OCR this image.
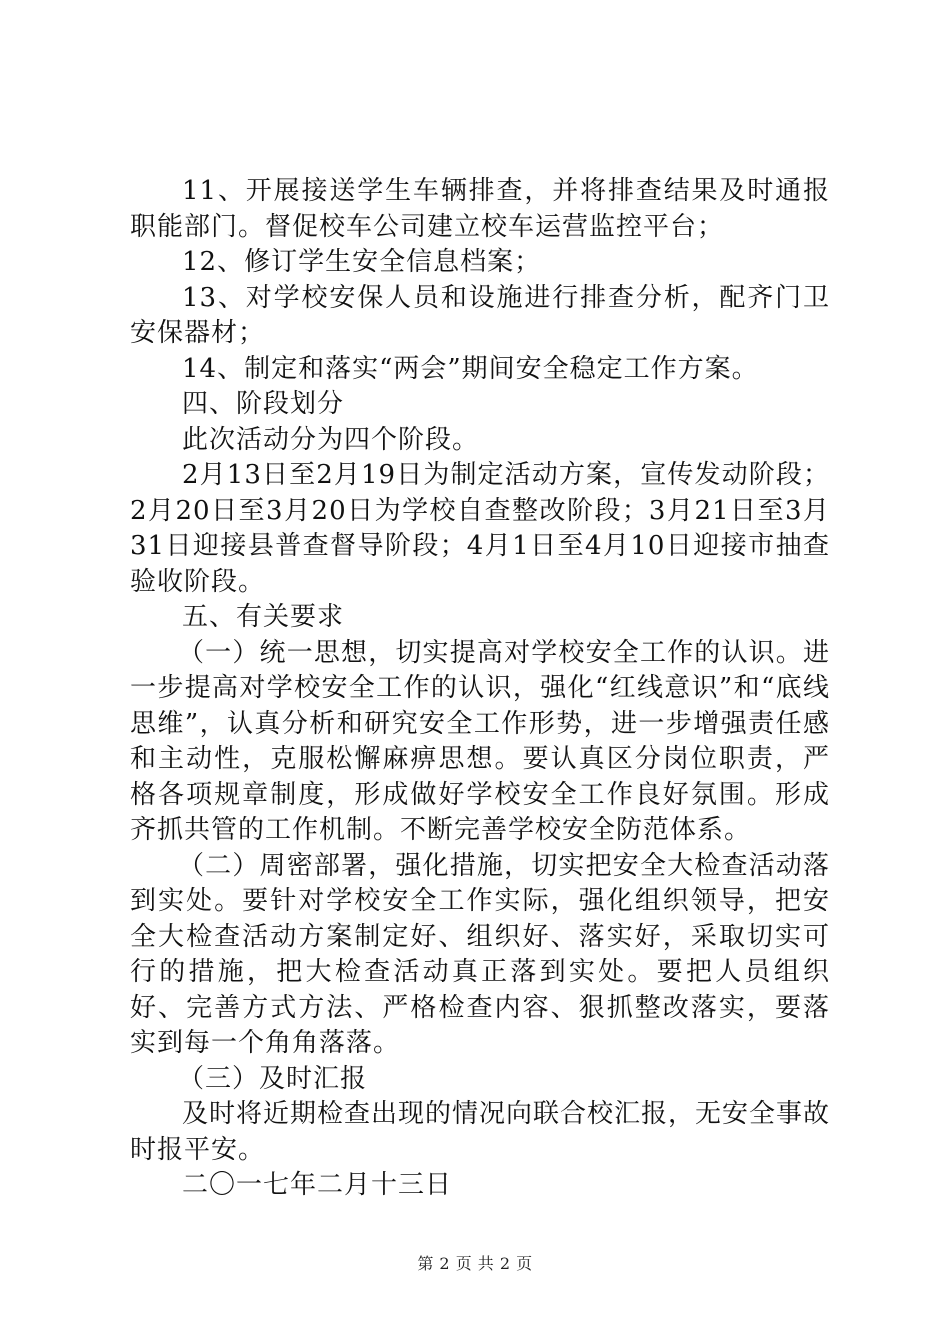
11、开展接送学生车辆排查，并将排查结果及时通报职能部门。督促校车公司建立校车运营监控平台；

12、修订学生安全信息档案；

13、对学校安保人员和设施进行排查分析，配齐门卫安保器材；

14、制定和落实“两会”期间安全稳定工作方案。

四、阶段划分

此次活动分为四个阶段。

2月13日至2月19日为制定活动方案，宣传发动阶段；2月20日至3月20日为学校自查整改阶段；3月21日至3月31日迎接县普查督导阶段；4月1日至4月10日迎接市抽查验收阶段。

五、有关要求

（一）统一思想，切实提高对学校安全工作的认识。进一步提高对学校安全工作的认识，强化“红线意识”和“底线思维”，认真分析和研究安全工作形势，进一步增强责任感和主动性，克服松懈麻痹思想。要认真区分岗位职责，严格各项规章制度，形成做好学校安全工作良好氛围。形成齐抓共管的工作机制。不断完善学校安全防范体系。

（二）周密部署，强化措施，切实把安全大检查活动落到实处。要针对学校安全工作实际，强化组织领导，把安全大检查活动方案制定好、组织好、落实好，采取切实可行的措施，把大检查活动真正落到实处。要把人员组织好、完善方式方法、严格检查内容、狠抓整改落实，要落实到每一个角角落落。

（三）及时汇报

及时将近期检查出现的情况向联合校汇报，无安全事故时报平安。

二〇一七年二月十三日

第 2 页 共 2 页
